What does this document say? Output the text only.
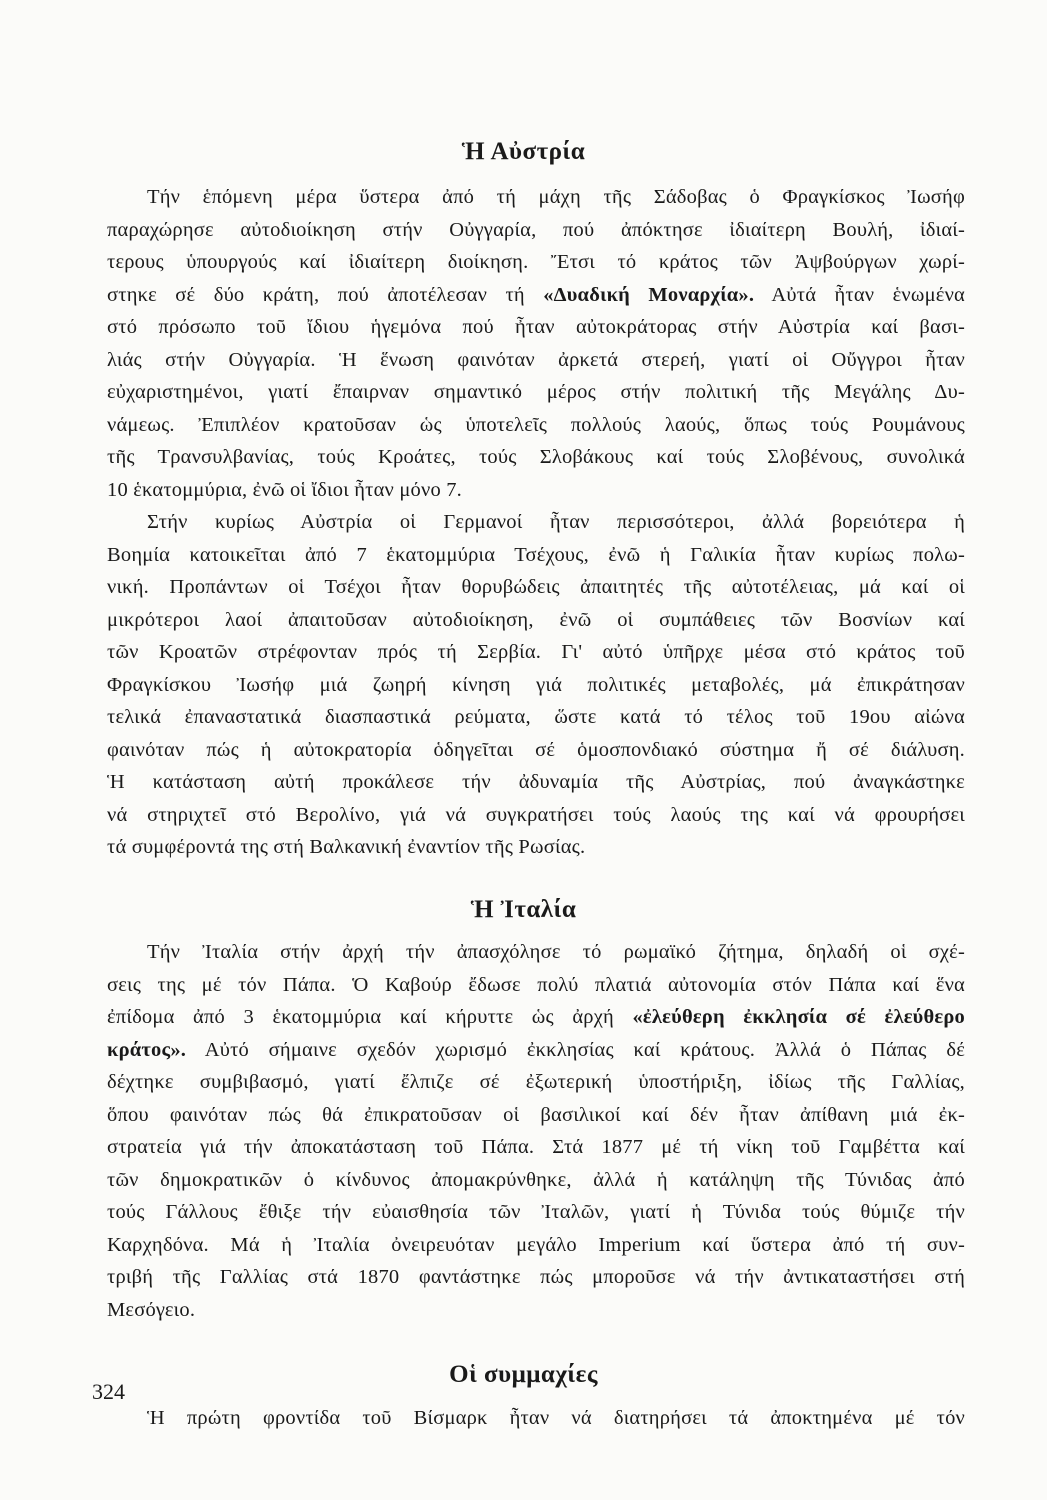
Ἡ Αὐστρία

Τήν ἑπόμενη μέρα ὕστερα ἀπό τή μάχη τῆς Σάδοβας ὁ Φραγκίσκος Ἰωσήφ

παραχώρησε αὐτοδιοίκηση στήν Οὐγγαρία, πού ἀπόκτησε ἰδιαίτερη Βουλή, ἰδιαί-

τερους ὑπουργούς καί ἰδιαίτερη διοίκηση. Ἔτσι τό κράτος τῶν Ἀψβούργων χωρί-

στηκε σέ δύο κράτη, πού ἀποτέλεσαν τή «Δυαδική Μοναρχία». Αὐτά ἦταν ἑνωμένα

στό πρόσωπο τοῦ ἴδιου ἡγεμόνα πού ἦταν αὐτοκράτορας στήν Αὐστρία καί βασι-

λιάς στήν Οὐγγαρία. Ἡ ἕνωση φαινόταν ἀρκετά στερεή, γιατί οἱ Οὔγγροι ἦταν

εὐχαριστημένοι, γιατί ἔπαιρναν σημαντικό μέρος στήν πολιτική τῆς Μεγάλης Δυ-

νάμεως. Ἐπιπλέον κρατοῦσαν ὡς ὑποτελεῖς πολλούς λαούς, ὅπως τούς Ρουμάνους

τῆς Τρανσυλβανίας, τούς Κροάτες, τούς Σλοβάκους καί τούς Σλοβένους, συνολικά

10 ἑκατομμύρια, ἐνῶ οἱ ἴδιοι ἦταν μόνο 7.

Στήν κυρίως Αὐστρία οἱ Γερμανοί ἦταν περισσότεροι, ἀλλά βορειότερα ἡ

Βοημία κατοικεῖται ἀπό 7 ἑκατομμύρια Τσέχους, ἐνῶ ἡ Γαλικία ἦταν κυρίως πολω-

νική. Προπάντων οἱ Τσέχοι ἦταν θορυβώδεις ἀπαιτητές τῆς αὐτοτέλειας, μά καί οἱ

μικρότεροι λαοί ἀπαιτοῦσαν αὐτοδιοίκηση, ἐνῶ οἱ συμπάθειες τῶν Βοσνίων καί

τῶν Κροατῶν στρέφονταν πρός τή Σερβία. Γι' αὐτό ὑπῆρχε μέσα στό κράτος τοῦ

Φραγκίσκου Ἰωσήφ μιά ζωηρή κίνηση γιά πολιτικές μεταβολές, μά ἐπικράτησαν

τελικά ἐπαναστατικά διασπαστικά ρεύματα, ὥστε κατά τό τέλος τοῦ 19ου αἰώνα

φαινόταν πώς ἡ αὐτοκρατορία ὁδηγεῖται σέ ὁμοσπονδιακό σύστημα ἤ σέ διάλυση.

Ἡ κατάσταση αὐτή προκάλεσε τήν ἀδυναμία τῆς Αὐστρίας, πού ἀναγκάστηκε

νά στηριχτεῖ στό Βερολίνο, γιά νά συγκρατήσει τούς λαούς της καί νά φρουρήσει

τά συμφέροντά της στή Βαλκανική ἐναντίον τῆς Ρωσίας.

Ἡ Ἰταλία

Τήν Ἰταλία στήν ἀρχή τήν ἀπασχόλησε τό ρωμαϊκό ζήτημα, δηλαδή οἱ σχέ-

σεις της μέ τόν Πάπα. Ὁ Καβούρ ἔδωσε πολύ πλατιά αὐτονομία στόν Πάπα καί ἕνα

ἐπίδομα ἀπό 3 ἑκατομμύρια καί κήρυττε ὡς ἀρχή «ἐλεύθερη ἐκκλησία σέ ἐλεύθερο

κράτος». Αὐτό σήμαινε σχεδόν χωρισμό ἐκκλησίας καί κράτους. Ἀλλά ὁ Πάπας δέ

δέχτηκε συμβιβασμό, γιατί ἔλπιζε σέ ἐξωτερική ὑποστήριξη, ἰδίως τῆς Γαλλίας,

ὅπου φαινόταν πώς θά ἐπικρατοῦσαν οἱ βασιλικοί καί δέν ἦταν ἀπίθανη μιά ἐκ-

στρατεία γιά τήν ἀποκατάσταση τοῦ Πάπα. Στά 1877 μέ τή νίκη τοῦ Γαμβέττα καί

τῶν δημοκρατικῶν ὁ κίνδυνος ἀπομακρύνθηκε, ἀλλά ἡ κατάληψη τῆς Τύνιδας ἀπό

τούς Γάλλους ἔθιξε τήν εὐαισθησία τῶν Ἰταλῶν, γιατί ἡ Τύνιδα τούς θύμιζε τήν

Καρχηδόνα. Μά ἡ Ἰταλία ὀνειρευόταν μεγάλο Imperium καί ὕστερα ἀπό τή συν-

τριβή τῆς Γαλλίας στά 1870 φαντάστηκε πώς μποροῦσε νά τήν ἀντικαταστήσει στή

Μεσόγειο.

Οἱ συμμαχίες

Ἡ πρώτη φροντίδα τοῦ Βίσμαρκ ἦταν νά διατηρήσει τά ἀποκτημένα μέ τόν

324
